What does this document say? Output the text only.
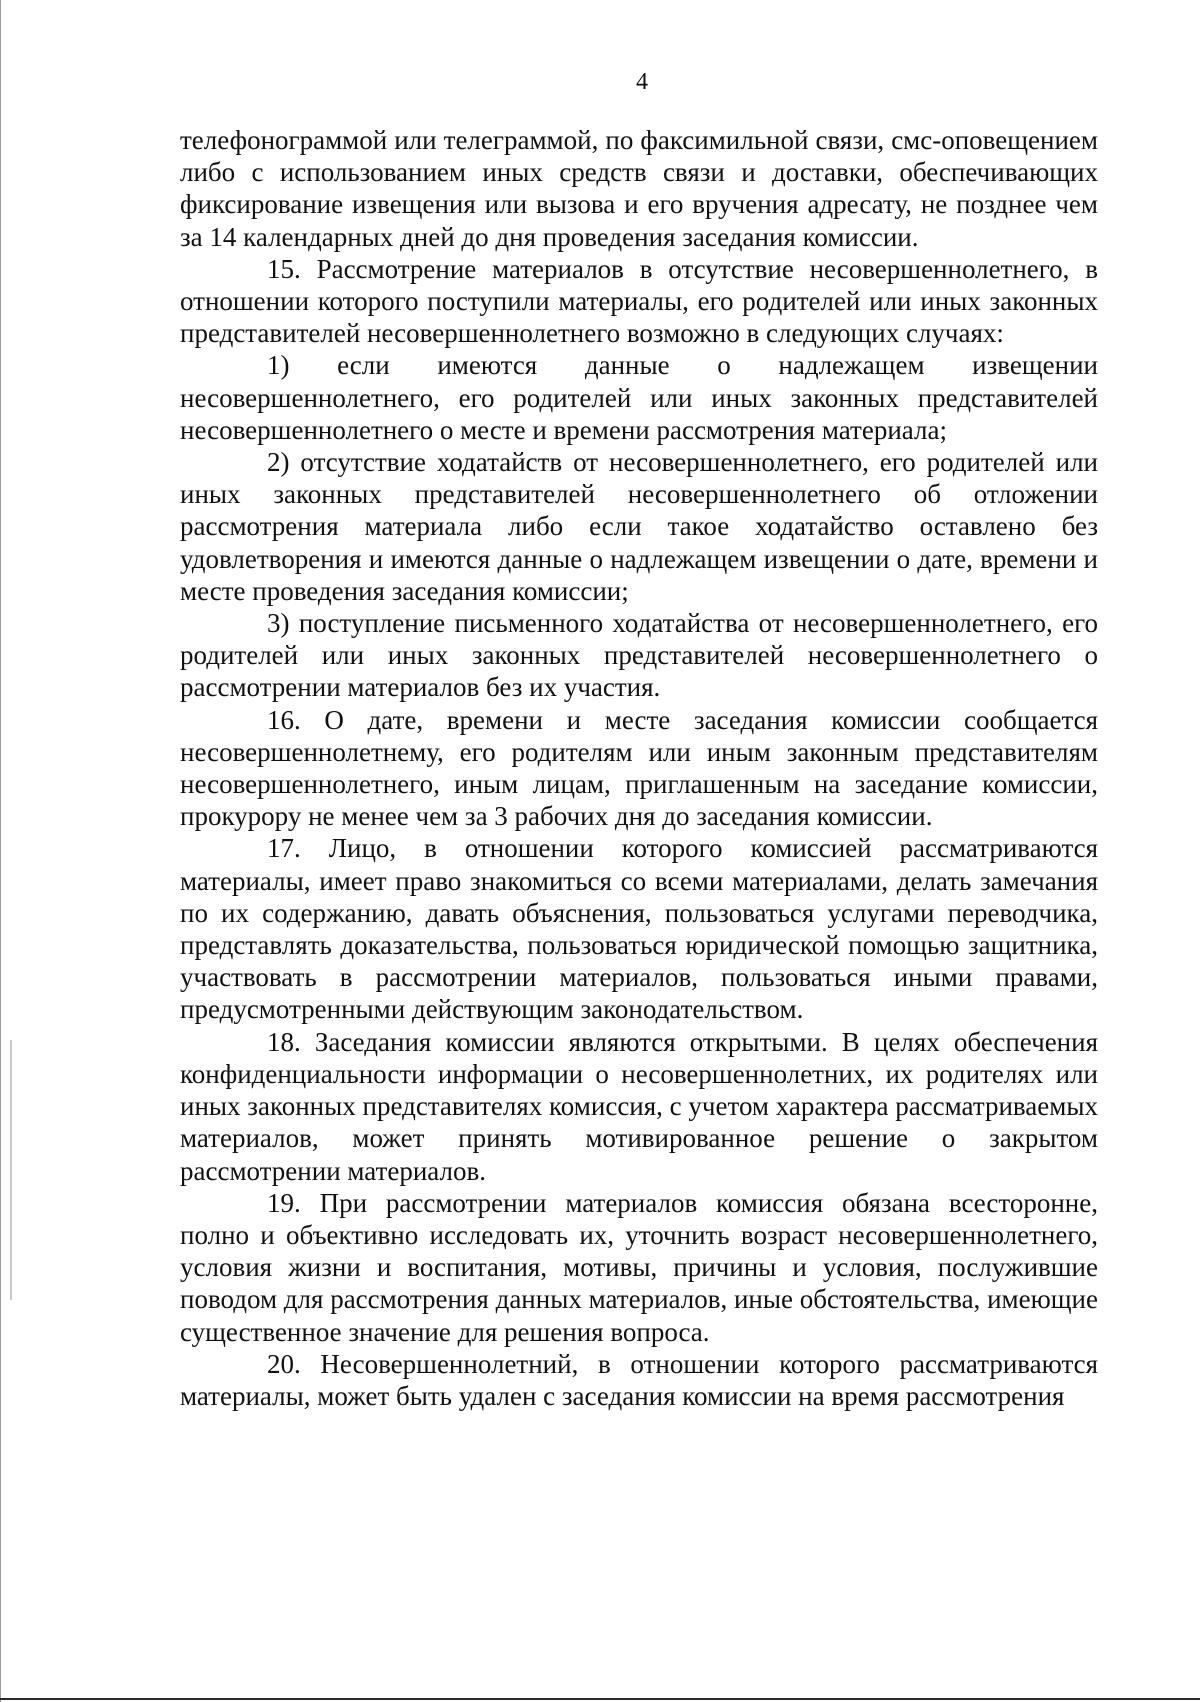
4

телефонограммой или телеграммой, по факсимильной связи, смс-оповещением либо с использованием иных средств связи и доставки, обеспечивающих фиксирование извещения или вызова и его вручения адресату, не позднее чем за 14 календарных дней до дня проведения заседания комиссии.

15. Рассмотрение материалов в отсутствие несовершеннолетнего, в отношении которого поступили материалы, его родителей или иных законных представителей несовершеннолетнего возможно в следующих случаях:

1) если имеются данные о надлежащем извещении несовершеннолетнего, его родителей или иных законных представителей несовершеннолетнего о месте и времени рассмотрения материала;

2) отсутствие ходатайств от несовершеннолетнего, его родителей или иных законных представителей несовершеннолетнего об отложении рассмотрения материала либо если такое ходатайство оставлено без удовлетворения и имеются данные о надлежащем извещении о дате, времени и месте проведения заседания комиссии;

3) поступление письменного ходатайства от несовершеннолетнего, его родителей или иных законных представителей несовершеннолетнего о рассмотрении материалов без их участия.

16. О дате, времени и месте заседания комиссии сообщается несовершеннолетнему, его родителям или иным законным представителям несовершеннолетнего, иным лицам, приглашенным на заседание комиссии, прокурору не менее чем за 3 рабочих дня до заседания комиссии.

17. Лицо, в отношении которого комиссией рассматриваются материалы, имеет право знакомиться со всеми материалами, делать замечания по их содержанию, давать объяснения, пользоваться услугами переводчика, представлять доказательства, пользоваться юридической помощью защитника, участвовать в рассмотрении материалов, пользоваться иными правами, предусмотренными действующим законодательством.

18. Заседания комиссии являются открытыми. В целях обеспечения конфиденциальности информации о несовершеннолетних, их родителях или иных законных представителях комиссия, с учетом характера рассматриваемых материалов, может принять мотивированное решение о закрытом рассмотрении материалов.

19. При рассмотрении материалов комиссия обязана всесторонне, полно и объективно исследовать их, уточнить возраст несовершеннолетнего, условия жизни и воспитания, мотивы, причины и условия, послужившие поводом для рассмотрения данных материалов, иные обстоятельства, имеющие существенное значение для решения вопроса.

20. Несовершеннолетний, в отношении которого рассматриваются материалы, может быть удален с заседания комиссии на время рассмотрения
